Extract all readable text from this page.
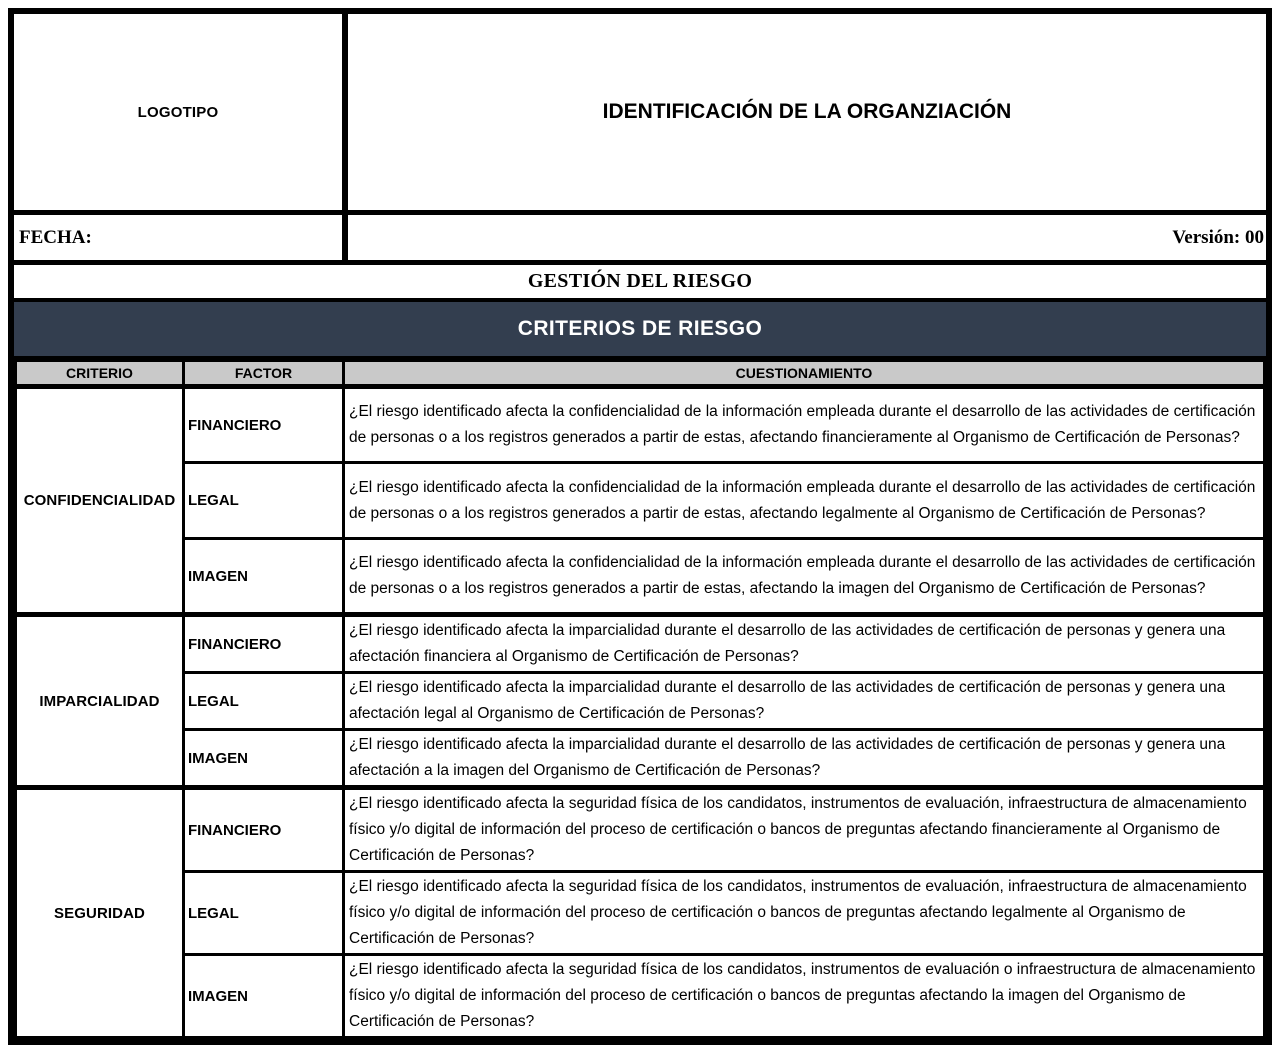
LOGOTIPO	IDENTIFICACIÓN DE LA ORGANZIACIÓN
FECHA:	Versión: 00
GESTIÓN DEL RIESGO
CRITERIOS DE RIESGO
CRITERIO	FACTOR	CUESTIONAMIENTO
CONFIDENCIALIDAD	FINANCIERO	¿El riesgo identificado afecta la confidencialidad de la información empleada durante el desarrollo de las actividades de certificación de personas o a los registros generados a partir de estas, afectando financieramente al Organismo de Certificación de Personas?
	LEGAL	¿El riesgo identificado afecta la confidencialidad de la información empleada durante el desarrollo de las actividades de certificación de personas o a los registros generados a partir de estas, afectando legalmente al Organismo de Certificación de Personas?
	IMAGEN	¿El riesgo identificado afecta la confidencialidad de la información empleada durante el desarrollo de las actividades de certificación de personas o a los registros generados a partir de estas, afectando la imagen del Organismo de Certificación de Personas?
IMPARCIALIDAD	FINANCIERO	¿El riesgo identificado afecta la imparcialidad durante el desarrollo de las actividades de certificación de personas y genera una afectación financiera al Organismo de Certificación de Personas?
	LEGAL	¿El riesgo identificado afecta la imparcialidad durante el desarrollo de las actividades de certificación de personas y genera una afectación legal al Organismo de Certificación de Personas?
	IMAGEN	¿El riesgo identificado afecta la imparcialidad durante el desarrollo de las actividades de certificación de personas y genera una afectación a la imagen del Organismo de Certificación de Personas?
SEGURIDAD	FINANCIERO	¿El riesgo identificado afecta la seguridad física de los candidatos, instrumentos de evaluación, infraestructura de almacenamiento físico y/o digital de información del proceso de certificación o bancos de preguntas afectando financieramente al Organismo de Certificación de Personas?
	LEGAL	¿El riesgo identificado afecta la seguridad física de los candidatos, instrumentos de evaluación, infraestructura de almacenamiento físico y/o digital de información del proceso de certificación o bancos de preguntas afectando legalmente al Organismo de Certificación de Personas?
	IMAGEN	¿El riesgo identificado afecta la seguridad física de los candidatos, instrumentos de evaluación o infraestructura de almacenamiento físico y/o digital de información del proceso de certificación o bancos de preguntas afectando la imagen del Organismo de Certificación de Personas?
